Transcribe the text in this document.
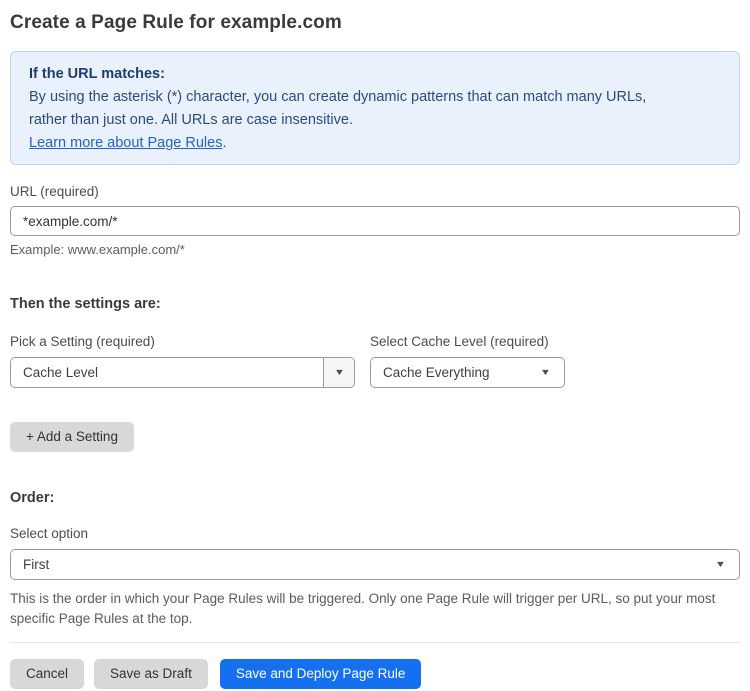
Create a Page Rule for example.com
If the URL matches:
By using the asterisk (*) character, you can create dynamic patterns that can match many URLs,
rather than just one. All URLs are case insensitive.
Learn more about Page Rules.
URL (required)
*example.com/*
Example: www.example.com/*
Then the settings are:
Pick a Setting (required)
Cache Level	▼
Select Cache Level (required)
Cache Everything	▼
+ Add a Setting
Order:
Select option
First	▼
This is the order in which your Page Rules will be triggered. Only one Page Rule will trigger per URL, so put your most specific Page Rules at the top.
Cancel	Save as Draft	Save and Deploy Page Rule
